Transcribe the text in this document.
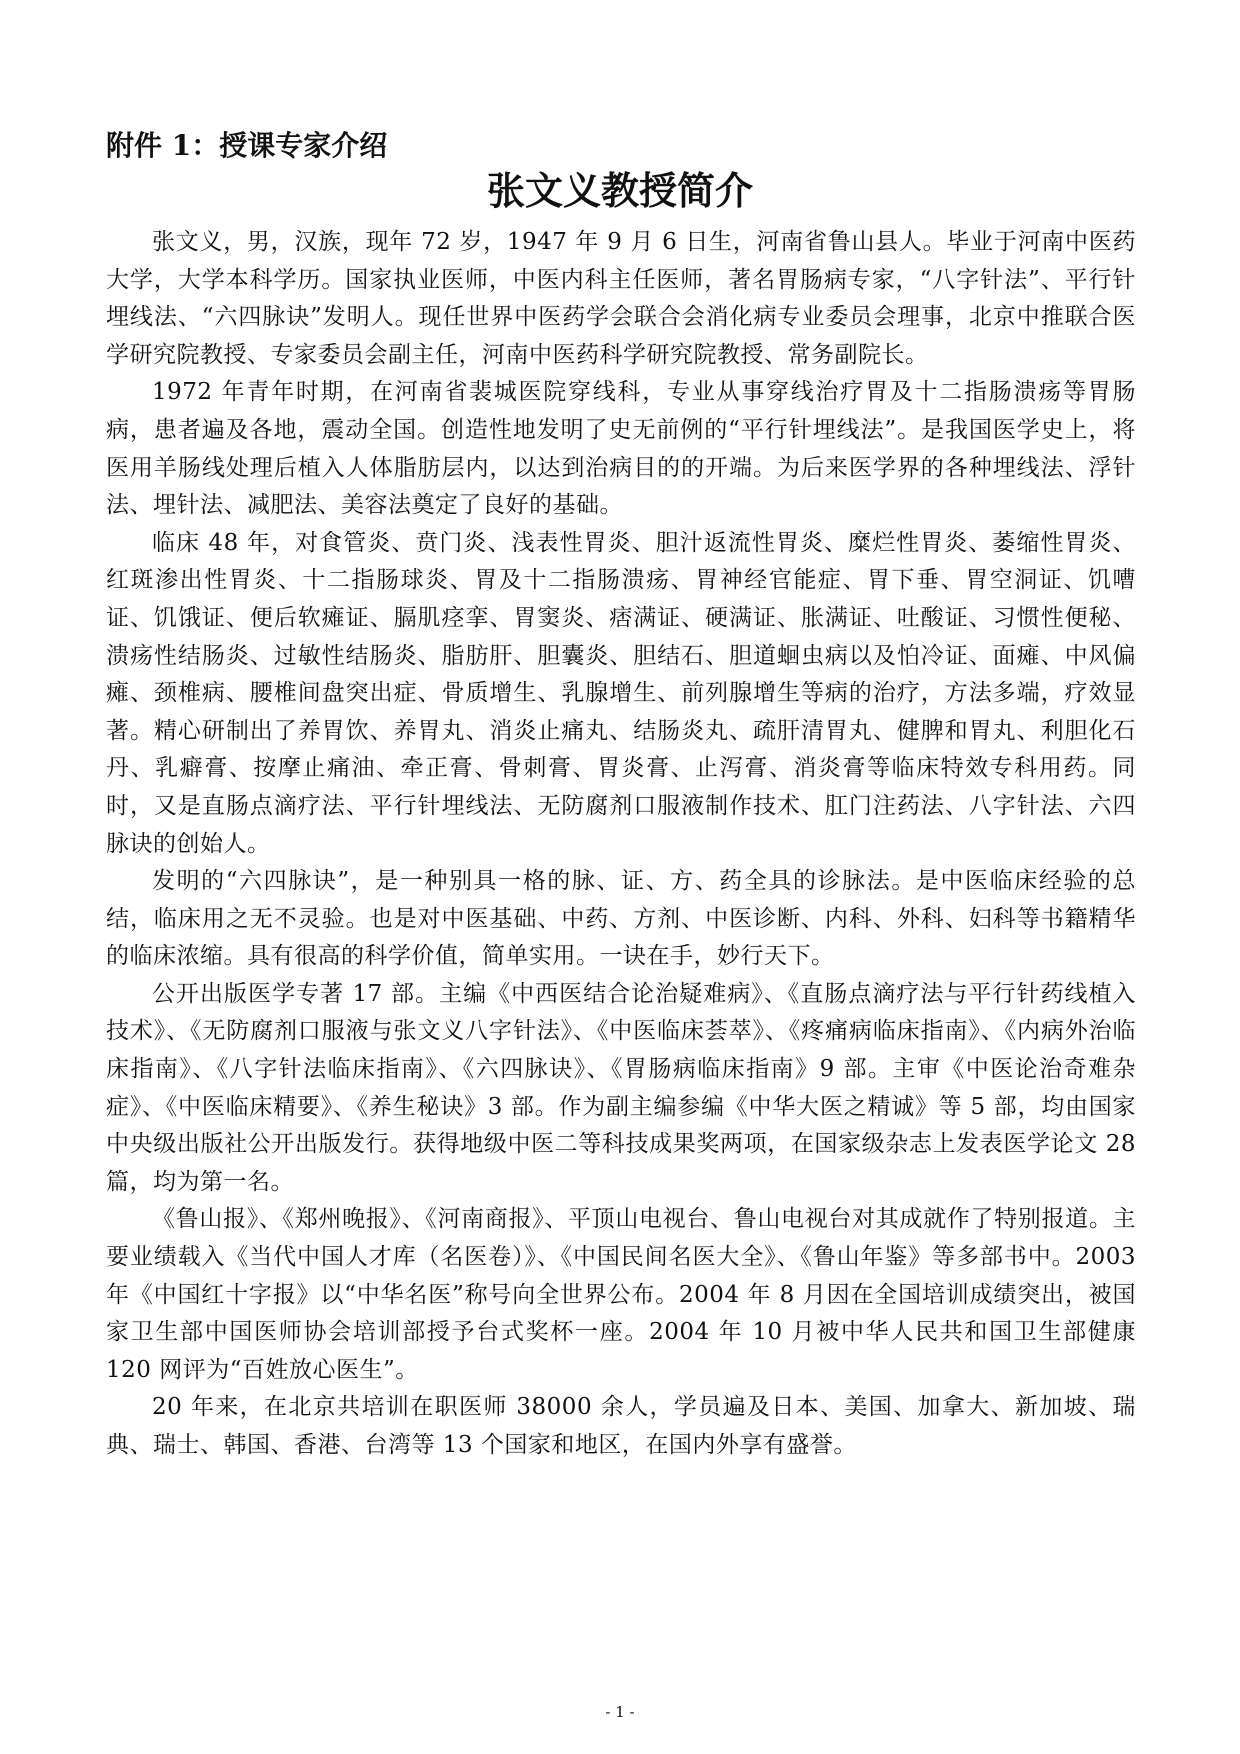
附件 1：授课专家介绍
张文义教授简介

张文义，男，汉族，现年 72 岁，1947 年 9 月 6 日生，河南省鲁山县人。毕业于河南中医药大学，大学本科学历。国家执业医师，中医内科主任医师，著名胃肠病专家，“八字针法”、平行针埋线法、“六四脉诀”发明人。现任世界中医药学会联合会消化病专业委员会理事，北京中推联合医学研究院教授、专家委员会副主任，河南中医药科学研究院教授、常务副院长。

1972 年青年时期，在河南省裴城医院穿线科，专业从事穿线治疗胃及十二指肠溃疡等胃肠病，患者遍及各地，震动全国。创造性地发明了史无前例的“平行针埋线法”。是我国医学史上，将医用羊肠线处理后植入人体脂肪层内，以达到治病目的的开端。为后来医学界的各种埋线法、浮针法、埋针法、减肥法、美容法奠定了良好的基础。

临床 48 年，对食管炎、贲门炎、浅表性胃炎、胆汁返流性胃炎、糜烂性胃炎、萎缩性胃炎、红斑渗出性胃炎、十二指肠球炎、胃及十二指肠溃疡、胃神经官能症、胃下垂、胃空洞证、饥嘈证、饥饿证、便后软瘫证、膈肌痉挛、胃窦炎、痞满证、硬满证、胀满证、吐酸证、习惯性便秘、溃疡性结肠炎、过敏性结肠炎、脂肪肝、胆囊炎、胆结石、胆道蛔虫病以及怕冷证、面瘫、中风偏瘫、颈椎病、腰椎间盘突出症、骨质增生、乳腺增生、前列腺增生等病的治疗，方法多端，疗效显著。精心研制出了养胃饮、养胃丸、消炎止痛丸、结肠炎丸、疏肝清胃丸、健脾和胃丸、利胆化石丹、乳癖膏、按摩止痛油、牵正膏、骨刺膏、胃炎膏、止泻膏、消炎膏等临床特效专科用药。同时，又是直肠点滴疗法、平行针埋线法、无防腐剂口服液制作技术、肛门注药法、八字针法、六四脉诀的创始人。

发明的“六四脉诀”，是一种别具一格的脉、证、方、药全具的诊脉法。是中医临床经验的总结，临床用之无不灵验。也是对中医基础、中药、方剂、中医诊断、内科、外科、妇科等书籍精华的临床浓缩。具有很高的科学价值，简单实用。一诀在手，妙行天下。

公开出版医学专著 17 部。主编《中西医结合论治疑难病》、《直肠点滴疗法与平行针药线植入技术》、《无防腐剂口服液与张文义八字针法》、《中医临床荟萃》、《疼痛病临床指南》、《内病外治临床指南》、《八字针法临床指南》、《六四脉诀》、《胃肠病临床指南》9 部。主审《中医论治奇难杂症》、《中医临床精要》、《养生秘诀》3 部。作为副主编参编《中华大医之精诚》等 5 部，均由国家中央级出版社公开出版发行。获得地级中医二等科技成果奖两项，在国家级杂志上发表医学论文 28 篇，均为第一名。

《鲁山报》、《郑州晚报》、《河南商报》、平顶山电视台、鲁山电视台对其成就作了特别报道。主要业绩载入《当代中国人才库（名医卷）》、《中国民间名医大全》、《鲁山年鉴》等多部书中。2003 年《中国红十字报》以“中华名医”称号向全世界公布。2004 年 8 月因在全国培训成绩突出，被国家卫生部中国医师协会培训部授予台式奖杯一座。2004 年 10 月被中华人民共和国卫生部健康 120 网评为“百姓放心医生”。

20 年来，在北京共培训在职医师 38000 余人，学员遍及日本、美国、加拿大、新加坡、瑞典、瑞士、韩国、香港、台湾等 13 个国家和地区，在国内外享有盛誉。

- 1 -
